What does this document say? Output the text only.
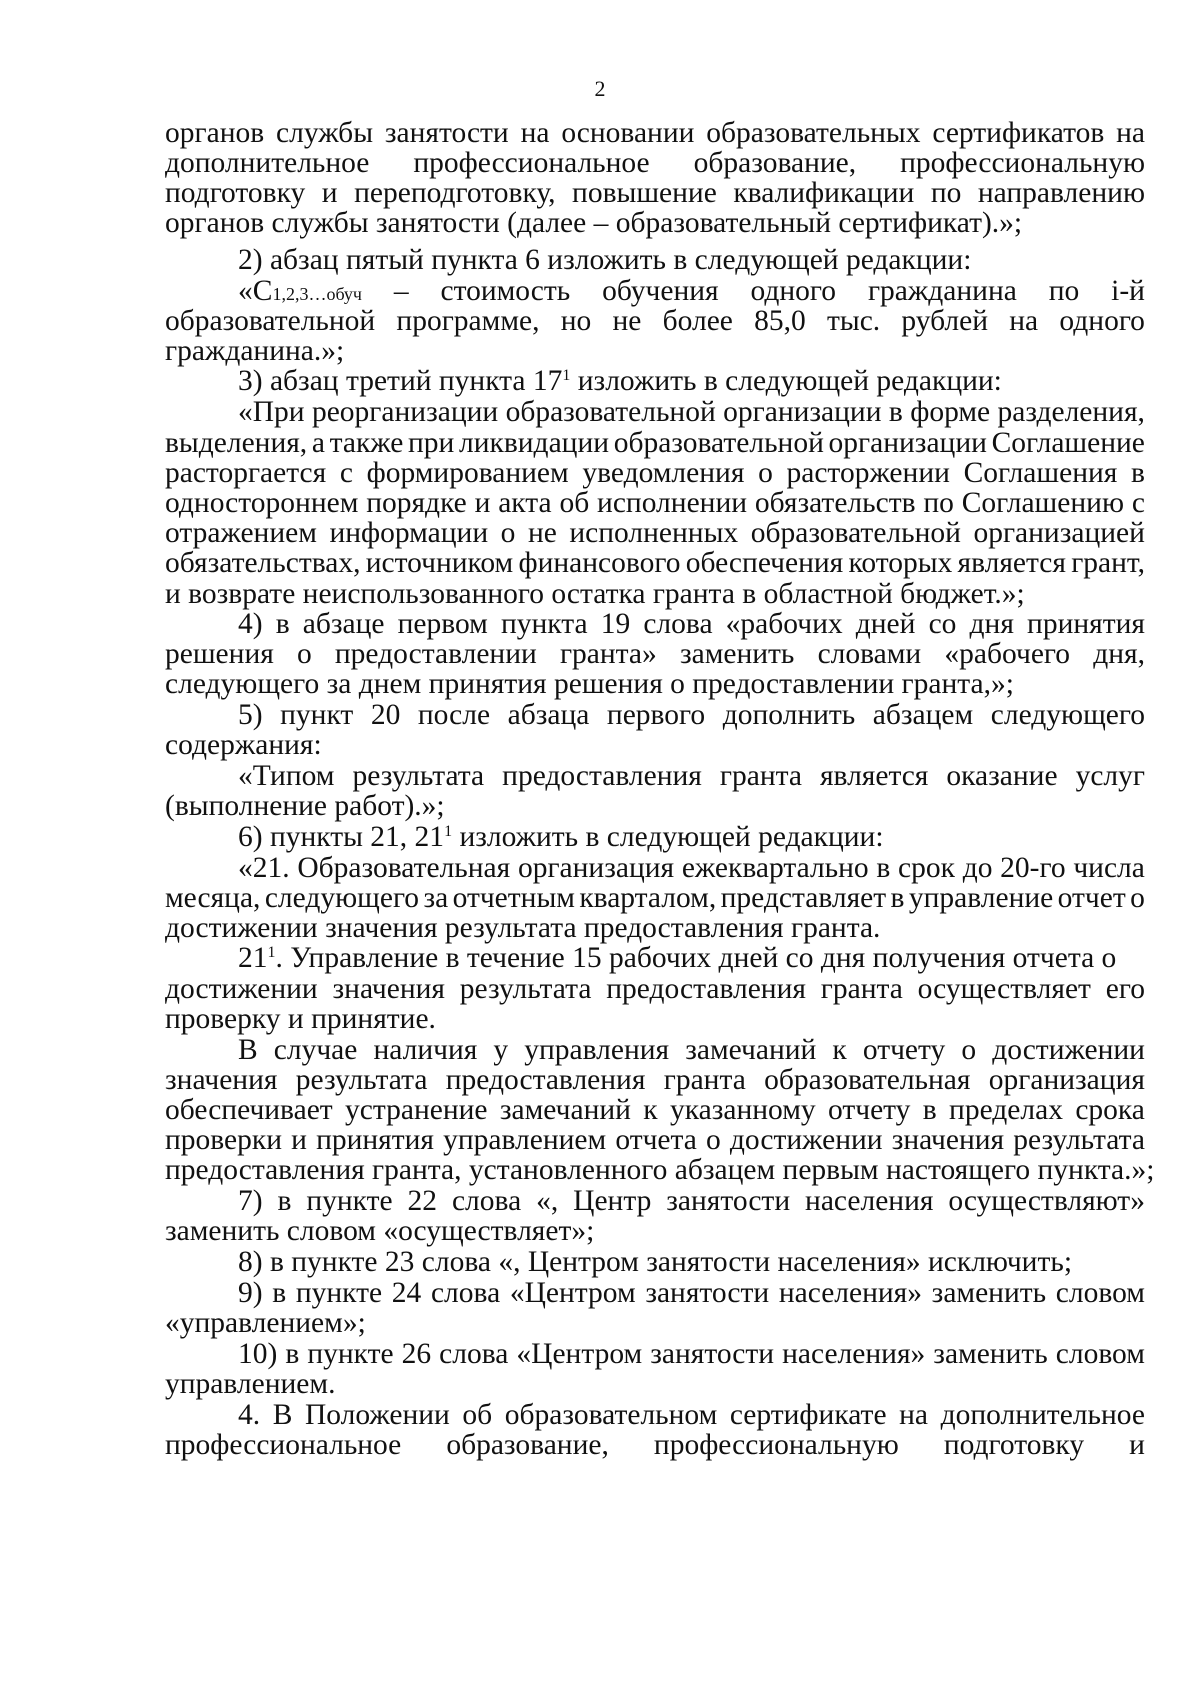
2
органов службы занятости на основании образовательных сертификатов на
дополнительное профессиональное образование, профессиональную
подготовку и переподготовку, повышение квалификации по направлению
органов службы занятости (далее – образовательный сертификат).»;
2) абзац пятый пункта 6 изложить в следующей редакции:
«С1,2,3…обуч – стоимость обучения одного гражданина по i-й
образовательной программе, но не более 85,0 тыс. рублей на одного
гражданина.»;
3) абзац третий пункта $17^1$ изложить в следующей редакции:
«При реорганизации образовательной организации в форме разделения,
выделения, а также при ликвидации образовательной организации Соглашение
расторгается с формированием уведомления о расторжении Соглашения в
одностороннем порядке и акта об исполнении обязательств по Соглашению с
отражением информации о не исполненных образовательной организацией
обязательствах, источником финансового обеспечения которых является грант,
и возврате неиспользованного остатка гранта в областной бюджет.»;
4) в абзаце первом пункта 19 слова «рабочих дней со дня принятия
решения о предоставлении гранта» заменить словами «рабочего дня,
следующего за днем принятия решения о предоставлении гранта,»;
5) пункт 20 после абзаца первого дополнить абзацем следующего
содержания:
«Типом результата предоставления гранта является оказание услуг
(выполнение работ).»;
6) пункты 21, $21^1$ изложить в следующей редакции:
«21. Образовательная организация ежеквартально в срок до 20-го числа
месяца, следующего за отчетным кварталом, представляет в управление отчет о
достижении значения результата предоставления гранта.
$21^1$. Управление в течение 15 рабочих дней со дня получения отчета о
достижении значения результата предоставления гранта осуществляет его
проверку и принятие.
В случае наличия у управления замечаний к отчету о достижении
значения результата предоставления гранта образовательная организация
обеспечивает устранение замечаний к указанному отчету в пределах срока
проверки и принятия управлением отчета о достижении значения результата
предоставления гранта, установленного абзацем первым настоящего пункта.»;
7) в пункте 22 слова «, Центр занятости населения осуществляют»
заменить словом «осуществляет»;
8) в пункте 23 слова «, Центром занятости населения» исключить;
9) в пункте 24 слова «Центром занятости населения» заменить словом
«управлением»;
10) в пункте 26 слова «Центром занятости населения» заменить словом
управлением.
4. В Положении об образовательном сертификате на дополнительное
профессиональное образование, профессиональную подготовку и
